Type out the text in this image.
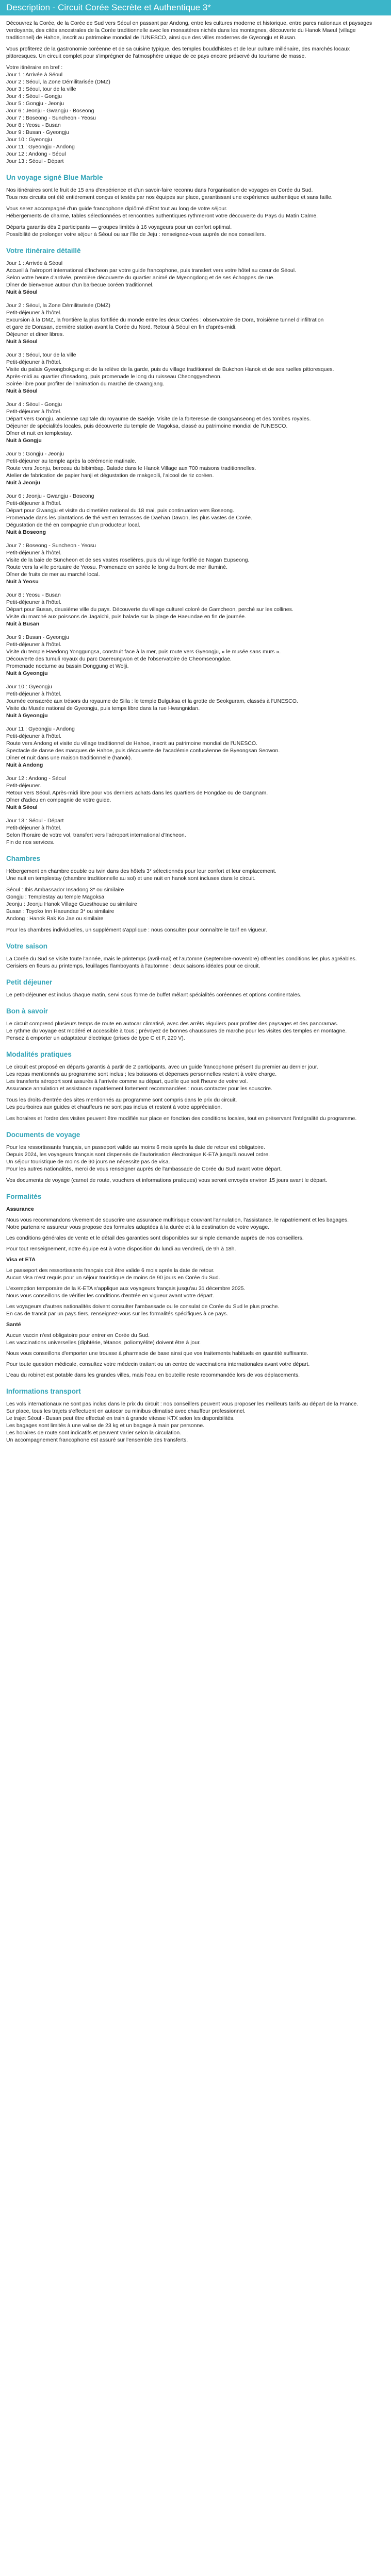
Description - Circuit Corée Secrète et Authentique 3*

Découvrez la Corée, de la Corée de Sud vers Séoul en passant par Andong, entre les cultures moderne et historique, entre parcs nationaux et paysages
verdoyants, des cités ancestrales de la Corée traditionnelle avec les monastères nichés dans les montagnes, découverte du Hanok Maeul (village
traditionnel) de Hahoe, inscrit au patrimoine mondial de l'UNESCO, ainsi que des villes modernes de Gyeongju et Busan.

Vous profiterez de la gastronomie coréenne et de sa cuisine typique, des temples bouddhistes et de leur culture millénaire, des marchés locaux
pittoresques. Un circuit complet pour s'imprégner de l'atmosphère unique de ce pays encore préservé du tourisme de masse.

Votre itinéraire en bref :
Jour 1 : Arrivée à Séoul
Jour 2 : Séoul, la Zone Démilitarisée (DMZ)
Jour 3 : Séoul, tour de la ville
Jour 4 : Séoul - Gongju
Jour 5 : Gongju - Jeonju
Jour 6 : Jeonju - Gwangju - Boseong
Jour 7 : Boseong - Suncheon - Yeosu
Jour 8 : Yeosu - Busan
Jour 9 : Busan - Gyeongju
Jour 10 : Gyeongju
Jour 11 : Gyeongju - Andong
Jour 12 : Andong - Séoul
Jour 13 : Séoul - Départ

Un voyage signé Blue Marble

Nos itinéraires sont le fruit de 15 ans d'expérience et d'un savoir-faire reconnu dans l'organisation de voyages en Corée du Sud.
Tous nos circuits ont été entièrement conçus et testés par nos équipes sur place, garantissant une expérience authentique et sans faille.

Vous serez accompagné d'un guide francophone diplômé d'État tout au long de votre séjour.
Hébergements de charme, tables sélectionnées et rencontres authentiques rythmeront votre découverte du Pays du Matin Calme.

Départs garantis dès 2 participants — groupes limités à 16 voyageurs pour un confort optimal.
Possibilité de prolonger votre séjour à Séoul ou sur l'île de Jeju : renseignez-vous auprès de nos conseillers.

Votre itinéraire détaillé
Jour 1 : Arrivée à Séoul
Accueil à l'aéroport international d'Incheon par votre guide francophone, puis transfert vers votre hôtel au cœur de Séoul.
Selon votre heure d'arrivée, première découverte du quartier animé de Myeongdong et de ses échoppes de rue.
Dîner de bienvenue autour d'un barbecue coréen traditionnel.
Nuit à Séoul
Jour 2 : Séoul, la Zone Démilitarisée (DMZ)
Petit-déjeuner à l'hôtel.
Excursion à la DMZ, la frontière la plus fortifiée du monde entre les deux Corées : observatoire de Dora, troisième tunnel d'infiltration
et gare de Dorasan, dernière station avant la Corée du Nord. Retour à Séoul en fin d'après-midi.
Déjeuner et dîner libres.
Nuit à Séoul
Jour 3 : Séoul, tour de la ville
Petit-déjeuner à l'hôtel.
Visite du palais Gyeongbokgung et de la relève de la garde, puis du village traditionnel de Bukchon Hanok et de ses ruelles pittoresques.
Après-midi au quartier d'Insadong, puis promenade le long du ruisseau Cheonggyecheon.
Soirée libre pour profiter de l'animation du marché de Gwangjang.
Nuit à Séoul
Jour 4 : Séoul - Gongju
Petit-déjeuner à l'hôtel.
Départ vers Gongju, ancienne capitale du royaume de Baekje. Visite de la forteresse de Gongsanseong et des tombes royales.
Déjeuner de spécialités locales, puis découverte du temple de Magoksa, classé au patrimoine mondial de l'UNESCO.
Dîner et nuit en templestay.
Nuit à Gongju
Jour 5 : Gongju - Jeonju
Petit-déjeuner au temple après la cérémonie matinale.
Route vers Jeonju, berceau du bibimbap. Balade dans le Hanok Village aux 700 maisons traditionnelles.
Atelier de fabrication de papier hanji et dégustation de makgeolli, l'alcool de riz coréen.
Nuit à Jeonju
Jour 6 : Jeonju - Gwangju - Boseong
Petit-déjeuner à l'hôtel.
Départ pour Gwangju et visite du cimetière national du 18 mai, puis continuation vers Boseong.
Promenade dans les plantations de thé vert en terrasses de Daehan Dawon, les plus vastes de Corée.
Dégustation de thé en compagnie d'un producteur local.
Nuit à Boseong
Jour 7 : Boseong - Suncheon - Yeosu
Petit-déjeuner à l'hôtel.
Visite de la baie de Suncheon et de ses vastes roselières, puis du village fortifié de Nagan Eupseong.
Route vers la ville portuaire de Yeosu. Promenade en soirée le long du front de mer illuminé.
Dîner de fruits de mer au marché local.
Nuit à Yeosu
Jour 8 : Yeosu - Busan
Petit-déjeuner à l'hôtel.
Départ pour Busan, deuxième ville du pays. Découverte du village culturel coloré de Gamcheon, perché sur les collines.
Visite du marché aux poissons de Jagalchi, puis balade sur la plage de Haeundae en fin de journée.
Nuit à Busan
Jour 9 : Busan - Gyeongju
Petit-déjeuner à l'hôtel.
Visite du temple Haedong Yonggungsa, construit face à la mer, puis route vers Gyeongju, « le musée sans murs ».
Découverte des tumuli royaux du parc Daereungwon et de l'observatoire de Cheomseongdae.
Promenade nocturne au bassin Donggung et Wolji.
Nuit à Gyeongju
Jour 10 : Gyeongju
Petit-déjeuner à l'hôtel.
Journée consacrée aux trésors du royaume de Silla : le temple Bulguksa et la grotte de Seokguram, classés à l'UNESCO.
Visite du Musée national de Gyeongju, puis temps libre dans la rue Hwangnidan.
Nuit à Gyeongju
Jour 11 : Gyeongju - Andong
Petit-déjeuner à l'hôtel.
Route vers Andong et visite du village traditionnel de Hahoe, inscrit au patrimoine mondial de l'UNESCO.
Spectacle de danse des masques de Hahoe, puis découverte de l'académie confucéenne de Byeongsan Seowon.
Dîner et nuit dans une maison traditionnelle (hanok).
Nuit à Andong
Jour 12 : Andong - Séoul
Petit-déjeuner.
Retour vers Séoul. Après-midi libre pour vos derniers achats dans les quartiers de Hongdae ou de Gangnam.
Dîner d'adieu en compagnie de votre guide.
Nuit à Séoul
Jour 13 : Séoul - Départ
Petit-déjeuner à l'hôtel.
Selon l'horaire de votre vol, transfert vers l'aéroport international d'Incheon.
Fin de nos services.
Chambres

Hébergement en chambre double ou twin dans des hôtels 3* sélectionnés pour leur confort et leur emplacement.
Une nuit en templestay (chambre traditionnelle au sol) et une nuit en hanok sont incluses dans le circuit.

Séoul : Ibis Ambassador Insadong 3* ou similaire
Gongju : Templestay au temple Magoksa
Jeonju : Jeonju Hanok Village Guesthouse ou similaire
Busan : Toyoko Inn Haeundae 3* ou similaire
Andong : Hanok Rak Ko Jae ou similaire

Pour les chambres individuelles, un supplément s'applique : nous consulter pour connaître le tarif en vigueur.

Votre saison

La Corée du Sud se visite toute l'année, mais le printemps (avril-mai) et l'automne (septembre-novembre) offrent les conditions les plus agréables.
Cerisiers en fleurs au printemps, feuillages flamboyants à l'automne : deux saisons idéales pour ce circuit.

Petit déjeuner

Le petit-déjeuner est inclus chaque matin, servi sous forme de buffet mêlant spécialités coréennes et options continentales.

Bon à savoir

Le circuit comprend plusieurs temps de route en autocar climatisé, avec des arrêts réguliers pour profiter des paysages et des panoramas.
Le rythme du voyage est modéré et accessible à tous ; prévoyez de bonnes chaussures de marche pour les visites des temples en montagne.
Pensez à emporter un adaptateur électrique (prises de type C et F, 220 V).

Modalités pratiques

Le circuit est proposé en départs garantis à partir de 2 participants, avec un guide francophone présent du premier au dernier jour.
Les repas mentionnés au programme sont inclus ; les boissons et dépenses personnelles restent à votre charge.
Les transferts aéroport sont assurés à l'arrivée comme au départ, quelle que soit l'heure de votre vol.
Assurance annulation et assistance rapatriement fortement recommandées : nous contacter pour les souscrire.

Tous les droits d'entrée des sites mentionnés au programme sont compris dans le prix du circuit.
Les pourboires aux guides et chauffeurs ne sont pas inclus et restent à votre appréciation.

Les horaires et l'ordre des visites peuvent être modifiés sur place en fonction des conditions locales, tout en préservant l'intégralité du programme.

Documents de voyage

Pour les ressortissants français, un passeport valide au moins 6 mois après la date de retour est obligatoire.
Depuis 2024, les voyageurs français sont dispensés de l'autorisation électronique K-ETA jusqu'à nouvel ordre.
Un séjour touristique de moins de 90 jours ne nécessite pas de visa.
Pour les autres nationalités, merci de vous renseigner auprès de l'ambassade de Corée du Sud avant votre départ.

Vos documents de voyage (carnet de route, vouchers et informations pratiques) vous seront envoyés environ 15 jours avant le départ.

Formalités

Assurance

Nous vous recommandons vivement de souscrire une assurance multirisque couvrant l'annulation, l'assistance, le rapatriement et les bagages.
Notre partenaire assureur vous propose des formules adaptées à la durée et à la destination de votre voyage.

Les conditions générales de vente et le détail des garanties sont disponibles sur simple demande auprès de nos conseillers.

Pour tout renseignement, notre équipe est à votre disposition du lundi au vendredi, de 9h à 18h.

Visa et ETA

Le passeport des ressortissants français doit être valide 6 mois après la date de retour.
Aucun visa n'est requis pour un séjour touristique de moins de 90 jours en Corée du Sud.

L'exemption temporaire de la K-ETA s'applique aux voyageurs français jusqu'au 31 décembre 2025.
Nous vous conseillons de vérifier les conditions d'entrée en vigueur avant votre départ.

Les voyageurs d'autres nationalités doivent consulter l'ambassade ou le consulat de Corée du Sud le plus proche.
En cas de transit par un pays tiers, renseignez-vous sur les formalités spécifiques à ce pays.

Santé

Aucun vaccin n'est obligatoire pour entrer en Corée du Sud.
Les vaccinations universelles (diphtérie, tétanos, poliomyélite) doivent être à jour.

Nous vous conseillons d'emporter une trousse à pharmacie de base ainsi que vos traitements habituels en quantité suffisante.

Pour toute question médicale, consultez votre médecin traitant ou un centre de vaccinations internationales avant votre départ.

L'eau du robinet est potable dans les grandes villes, mais l'eau en bouteille reste recommandée lors de vos déplacements.

Informations transport

Les vols internationaux ne sont pas inclus dans le prix du circuit : nos conseillers peuvent vous proposer les meilleurs tarifs au départ de la France.
Sur place, tous les trajets s'effectuent en autocar ou minibus climatisé avec chauffeur professionnel.
Le trajet Séoul - Busan peut être effectué en train à grande vitesse KTX selon les disponibilités.
Les bagages sont limités à une valise de 23 kg et un bagage à main par personne.
Les horaires de route sont indicatifs et peuvent varier selon la circulation.
Un accompagnement francophone est assuré sur l'ensemble des transferts.
